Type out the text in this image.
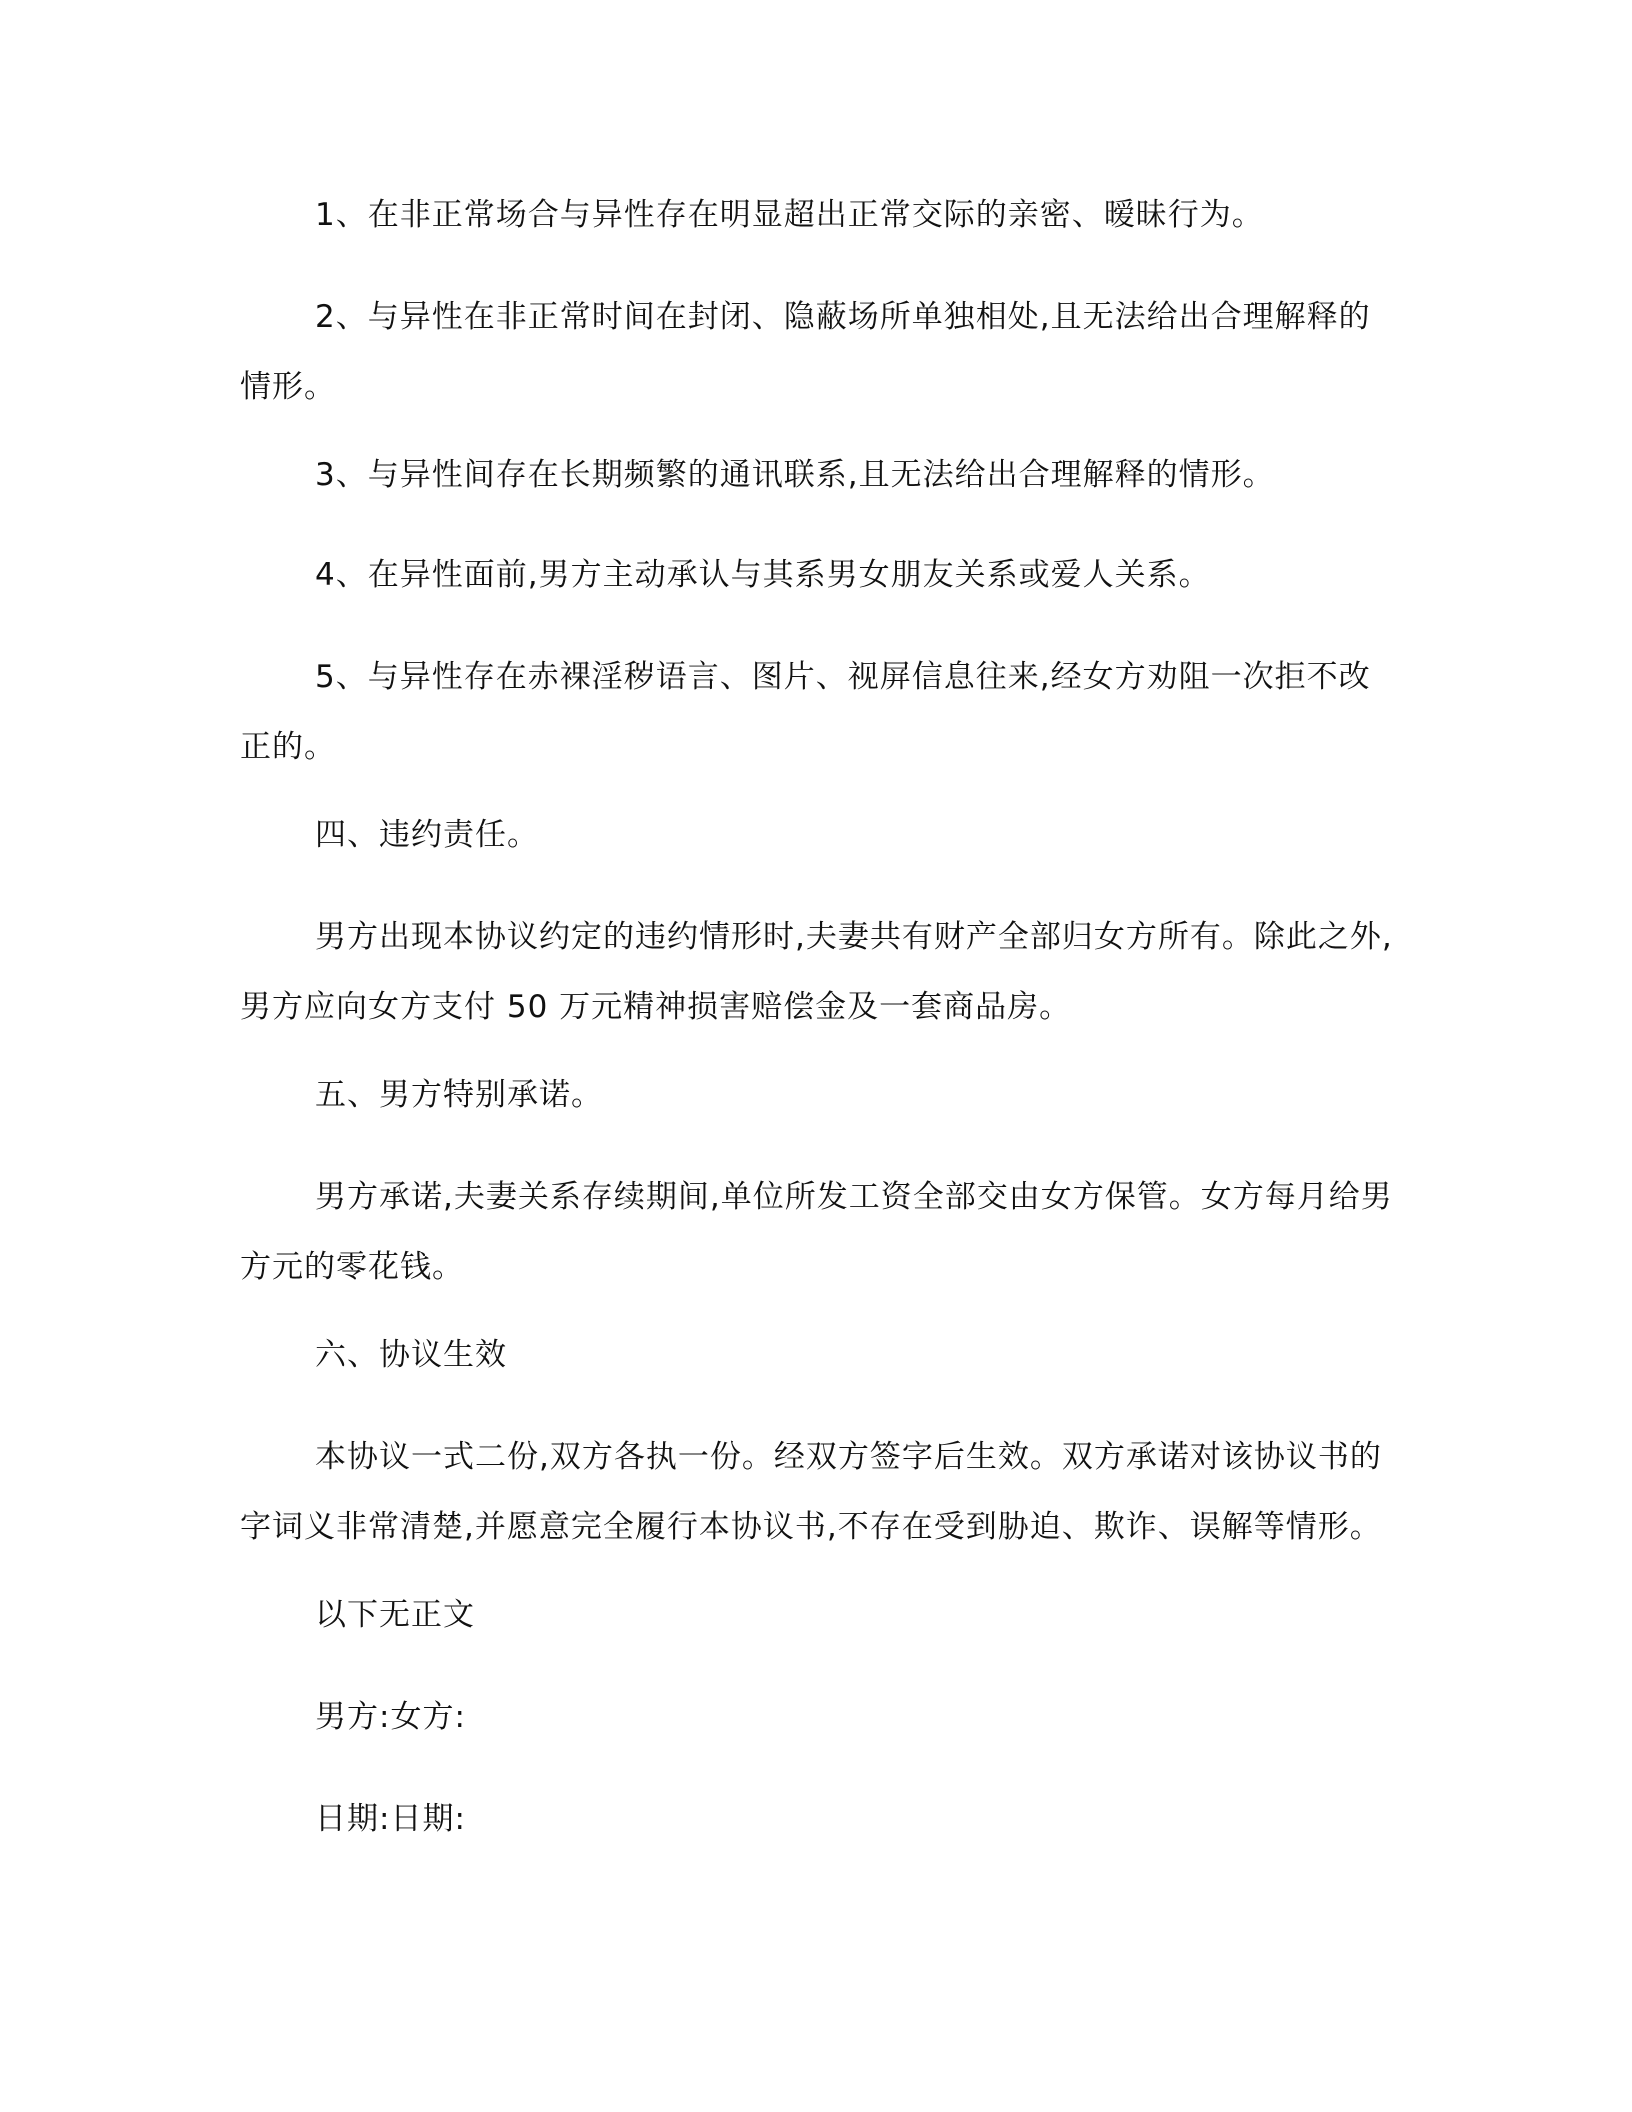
1、在非正常场合与异性存在明显超出正常交际的亲密、暧昧行为。

2、与异性在非正常时间在封闭、隐蔽场所单独相处,且无法给出合理解释的情形。

3、与异性间存在长期频繁的通讯联系,且无法给出合理解释的情形。

4、在异性面前,男方主动承认与其系男女朋友关系或爱人关系。

5、与异性存在赤裸淫秽语言、图片、视屏信息往来,经女方劝阻一次拒不改正的。

四、违约责任。

男方出现本协议约定的违约情形时,夫妻共有财产全部归女方所有。除此之外,男方应向女方支付 50 万元精神损害赔偿金及一套商品房。

五、男方特别承诺。

男方承诺,夫妻关系存续期间,单位所发工资全部交由女方保管。女方每月给男方元的零花钱。

六、协议生效

本协议一式二份,双方各执一份。经双方签字后生效。双方承诺对该协议书的字词义非常清楚,并愿意完全履行本协议书,不存在受到胁迫、欺诈、误解等情形。

以下无正文

男方:女方:

日期:日期:
